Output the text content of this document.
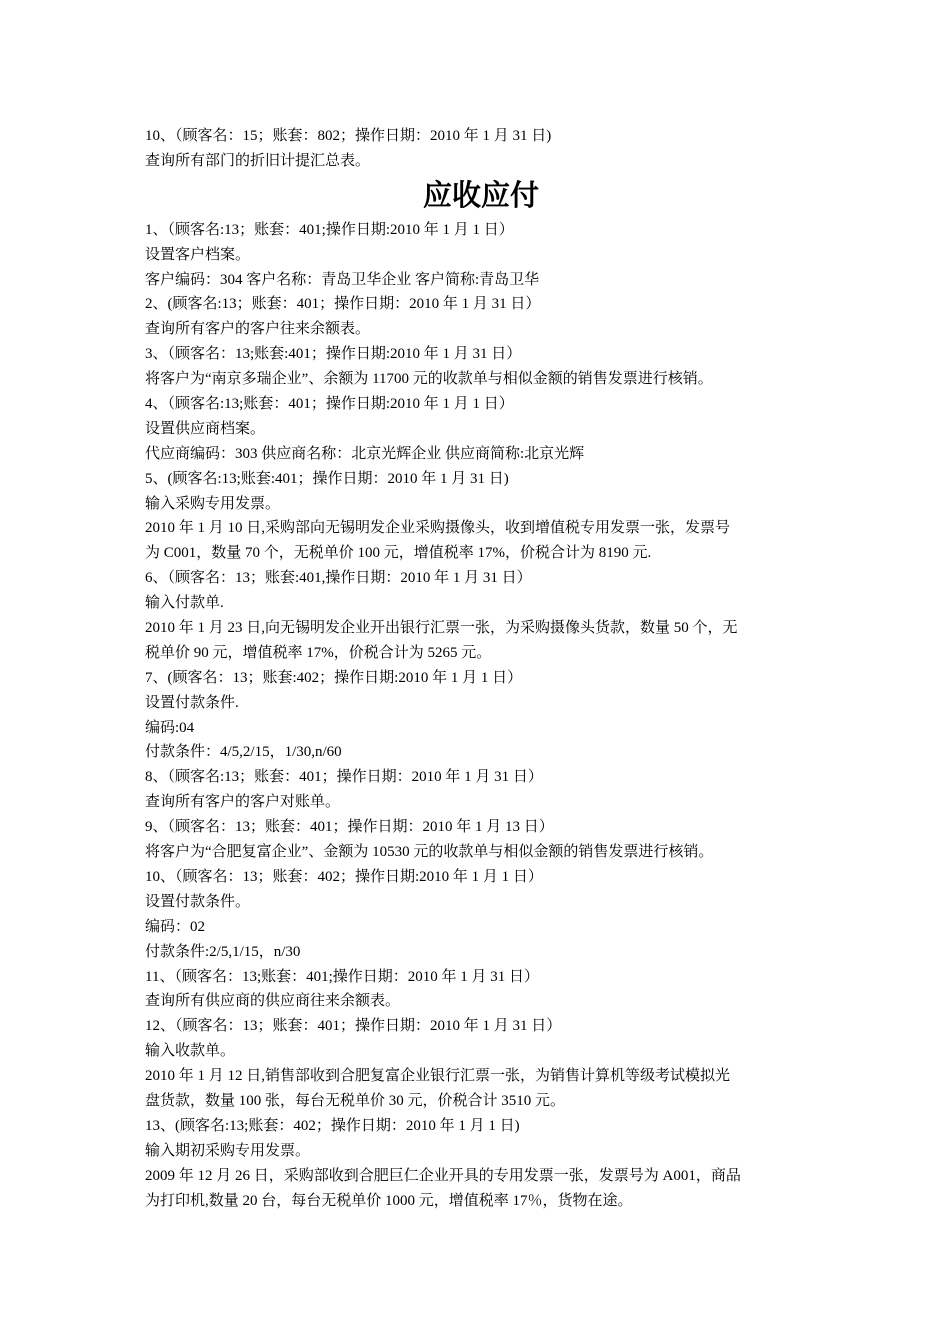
10、（顾客名：15；账套：802；操作日期：2010 年 1 月 31 日)
查询所有部门的折旧计提汇总表。
应收应付
1、（顾客名:13；账套：401;操作日期:2010 年 1 月 1 日）
设置客户档案。
客户编码：304 客户名称：青岛卫华企业 客户简称:青岛卫华
2、(顾客名:13；账套：401；操作日期：2010 年 1 月 31 日）
查询所有客户的客户往来余额表。
3、（顾客名：13;账套:401；操作日期:2010 年 1 月 31 日）
将客户为“南京多瑞企业”、余额为 11700 元的收款单与相似金额的销售发票进行核销。
4、（顾客名:13;账套：401；操作日期:2010 年 1 月 1 日）
设置供应商档案。
代应商编码：303 供应商名称：北京光辉企业 供应商简称:北京光辉
5、(顾客名:13;账套:401；操作日期：2010 年 1 月 31 日)
输入采购专用发票。
2010 年 1 月 10 日,采购部向无锡明发企业采购摄像头，收到增值税专用发票一张，发票号
为 C001，数量 70 个，无税单价 100 元，增值税率 17%，价税合计为 8190 元.
6、（顾客名：13；账套:401,操作日期：2010 年 1 月 31 日）
输入付款单.
2010 年 1 月 23 日,向无锡明发企业开出银行汇票一张，为采购摄像头货款，数量 50 个，无
税单价 90 元，增值税率 17%，价税合计为 5265 元。
7、(顾客名：13；账套:402；操作日期:2010 年 1 月 1 日）
设置付款条件.
编码:04
付款条件：4/5,2/15，1/30,n/60
8、（顾客名:13；账套：401；操作日期：2010 年 1 月 31 日）
查询所有客户的客户对账单。
9、（顾客名：13；账套：401；操作日期：2010 年 1 月 13 日）
将客户为“合肥复富企业”、金额为 10530 元的收款单与相似金额的销售发票进行核销。
10、（顾客名：13；账套：402；操作日期:2010 年 1 月 1 日）
设置付款条件。
编码：02
付款条件:2/5,1/15，n/30
11、（顾客名：13;账套：401;操作日期：2010 年 1 月 31 日）
查询所有供应商的供应商往来余额表。
12、（顾客名：13；账套：401；操作日期：2010 年 1 月 31 日）
输入收款单。
2010 年 1 月 12 日,销售部收到合肥复富企业银行汇票一张，为销售计算机等级考试模拟光
盘货款，数量 100 张，每台无税单价 30 元，价税合计 3510 元。
13、(顾客名:13;账套：402；操作日期：2010 年 1 月 1 日)
输入期初采购专用发票。
2009 年 12 月 26 日，采购部收到合肥巨仁企业开具的专用发票一张，发票号为 A001，商品
为打印机,数量 20 台，每台无税单价 1000 元，增值税率 17％，货物在途。
